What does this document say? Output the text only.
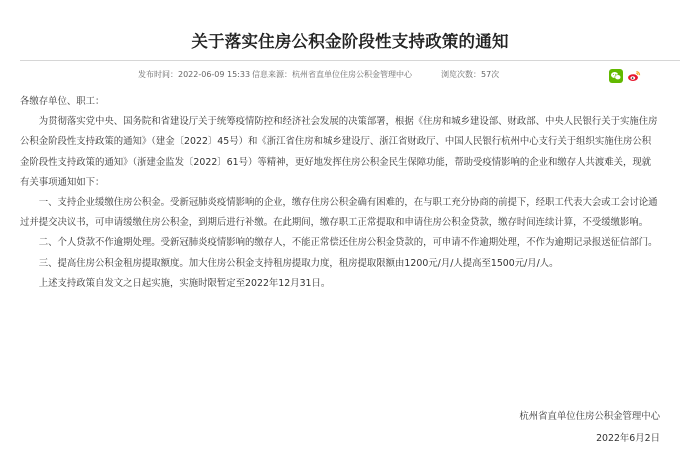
关于落实住房公积金阶段性支持政策的通知
发布时间：2022-06-09 15:33 信息来源：杭州省直单位住房公积金管理中心	浏览次数：57次

各缴存单位、职工：

为贯彻落实党中央、国务院和省建设厅关于统筹疫情防控和经济社会发展的决策部署，根据《住房和城乡建设部、财政部、中央人民银行关于实施住房公积金阶段性支持政策的通知》（建金〔2022〕45号）和《浙江省住房和城乡建设厅、浙江省财政厅、中国人民银行杭州中心支行关于组织实施住房公积金阶段性支持政策的通知》（浙建金监发〔2022〕61号）等精神，更好地发挥住房公积金民生保障功能，帮助受疫情影响的企业和缴存人共渡难关，现就有关事项通知如下：

一、支持企业缓缴住房公积金。受新冠肺炎疫情影响的企业，缴存住房公积金确有困难的，在与职工充分协商的前提下，经职工代表大会或工会讨论通过并提交决议书，可申请缓缴住房公积金，到期后进行补缴。在此期间，缴存职工正常提取和申请住房公积金贷款，缴存时间连续计算，不受缓缴影响。

二、个人贷款不作逾期处理。受新冠肺炎疫情影响的缴存人，不能正常偿还住房公积金贷款的，可申请不作逾期处理，不作为逾期记录报送征信部门。

三、提高住房公积金租房提取额度。加大住房公积金支持租房提取力度，租房提取限额由1200元/月/人提高至1500元/月/人。

上述支持政策自发文之日起实施，实施时限暂定至2022年12月31日。

杭州省直单位住房公积金管理中心
2022年6月2日
